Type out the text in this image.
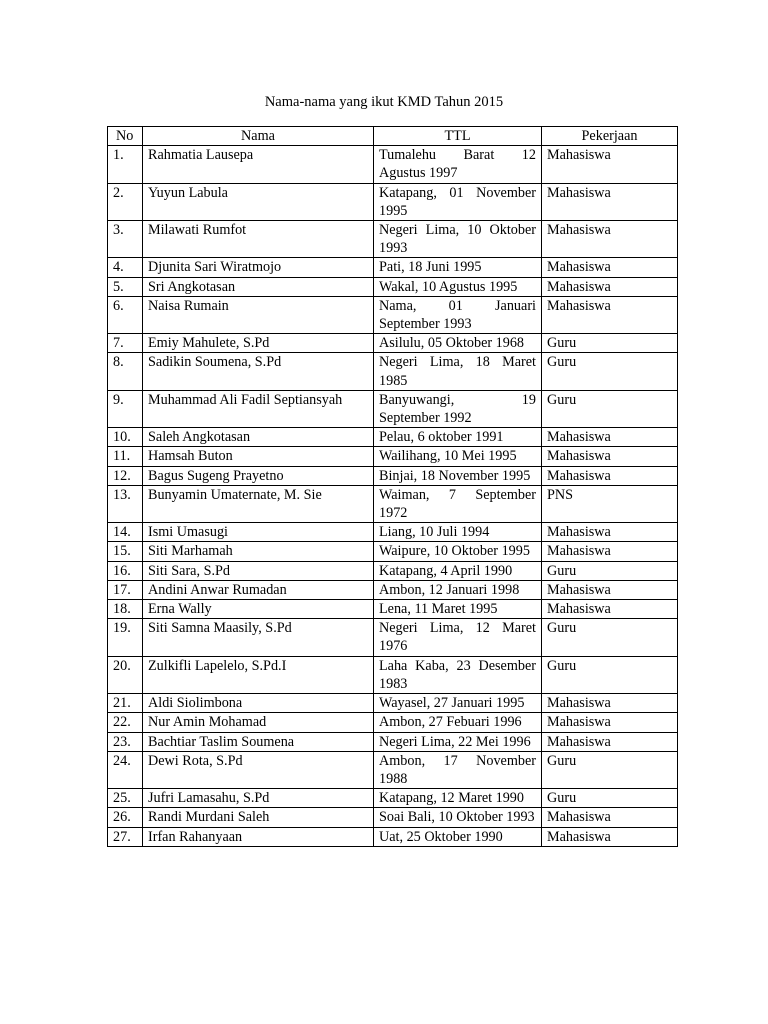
Nama-nama yang ikut KMD Tahun 2015
No	Nama	TTL	Pekerjaan
1.	Rahmatia Lausepa	Tumalehu Barat 12 Agustus 1997	Mahasiswa
2.	Yuyun Labula	Katapang, 01 November 1995	Mahasiswa
3.	Milawati Rumfot	Negeri Lima, 10 Oktober 1993	Mahasiswa
4.	Djunita Sari Wiratmojo	Pati, 18 Juni 1995	Mahasiswa
5.	Sri Angkotasan	Wakal, 10 Agustus 1995	Mahasiswa
6.	Naisa Rumain	Nama, 01 Januari September 1993	Mahasiswa
7.	Emiy Mahulete, S.Pd	Asilulu, 05 Oktober 1968	Guru
8.	Sadikin Soumena, S.Pd	Negeri Lima, 18 Maret 1985	Guru
9.	Muhammad Ali Fadil Septiansyah	Banyuwangi, 19 September 1992	Guru
10.	Saleh Angkotasan	Pelau, 6 oktober 1991	Mahasiswa
11.	Hamsah Buton	Wailihang, 10 Mei 1995	Mahasiswa
12.	Bagus Sugeng Prayetno	Binjai, 18 November 1995	Mahasiswa
13.	Bunyamin Umaternate, M. Sie	Waiman, 7 September 1972	PNS
14.	Ismi Umasugi	Liang, 10 Juli 1994	Mahasiswa
15.	Siti Marhamah	Waipure, 10 Oktober 1995	Mahasiswa
16.	Siti Sara, S.Pd	Katapang, 4 April 1990	Guru
17.	Andini Anwar Rumadan	Ambon, 12 Januari 1998	Mahasiswa
18.	Erna Wally	Lena, 11 Maret 1995	Mahasiswa
19.	Siti Samna Maasily, S.Pd	Negeri Lima, 12 Maret 1976	Guru
20.	Zulkifli Lapelelo, S.Pd.I	Laha Kaba, 23 Desember 1983	Guru
21.	Aldi Siolimbona	Wayasel, 27 Januari 1995	Mahasiswa
22.	Nur Amin Mohamad	Ambon, 27 Febuari 1996	Mahasiswa
23.	Bachtiar Taslim Soumena	Negeri Lima, 22 Mei 1996	Mahasiswa
24.	Dewi Rota, S.Pd	Ambon, 17 November 1988	Guru
25.	Jufri Lamasahu, S.Pd	Katapang, 12 Maret 1990	Guru
26.	Randi Murdani Saleh	Soai Bali, 10 Oktober 1993	Mahasiswa
27.	Irfan Rahanyaan	Uat, 25 Oktober 1990	Mahasiswa
